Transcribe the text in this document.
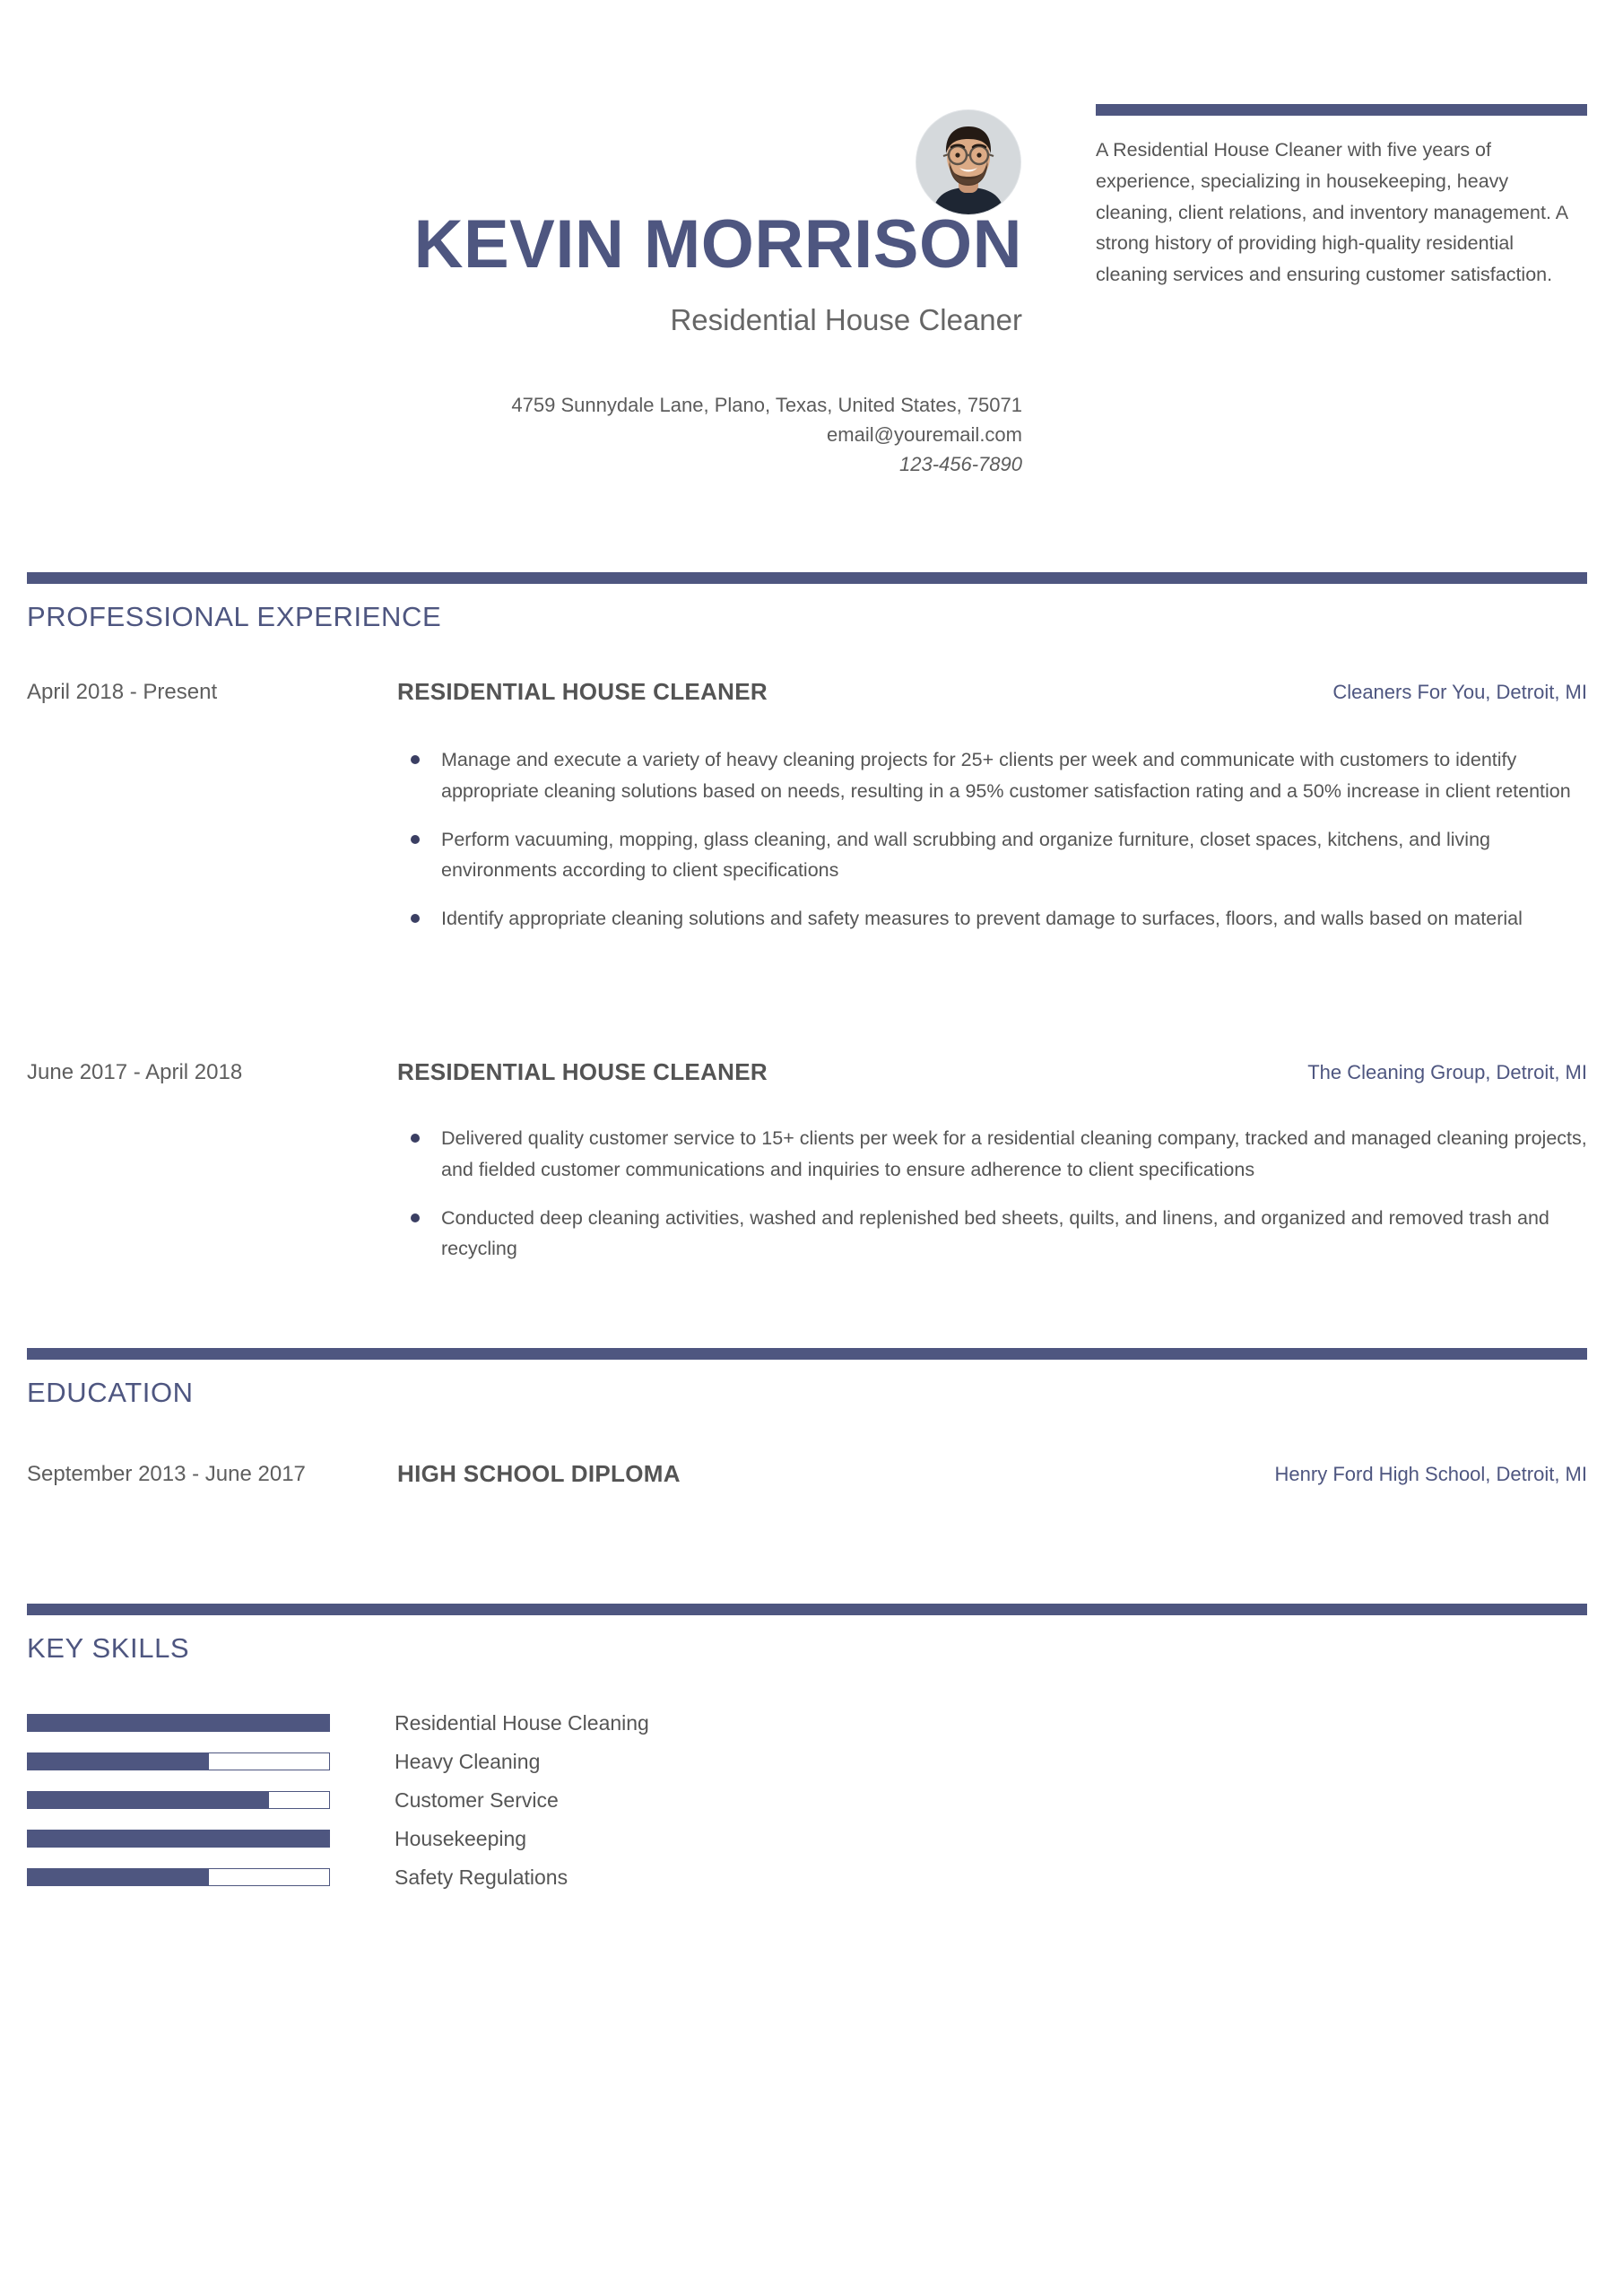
KEVIN MORRISON
Residential House Cleaner
4759 Sunnydale Lane, Plano, Texas, United States, 75071
email@youremail.com
123-456-7890
A Residential House Cleaner with five years of experience, specializing in housekeeping, heavy cleaning, client relations, and inventory management. A strong history of providing high-quality residential cleaning services and ensuring customer satisfaction.
PROFESSIONAL EXPERIENCE
April 2018 - Present	RESIDENTIAL HOUSE CLEANER	Cleaners For You, Detroit, MI
Manage and execute a variety of heavy cleaning projects for 25+ clients per week and communicate with customers to identify appropriate cleaning solutions based on needs, resulting in a 95% customer satisfaction rating and a 50% increase in client retention
Perform vacuuming, mopping, glass cleaning, and wall scrubbing and organize furniture, closet spaces, kitchens, and living environments according to client specifications
Identify appropriate cleaning solutions and safety measures to prevent damage to surfaces, floors, and walls based on material
June 2017 - April 2018	RESIDENTIAL HOUSE CLEANER	The Cleaning Group, Detroit, MI
Delivered quality customer service to 15+ clients per week for a residential cleaning company, tracked and managed cleaning projects, and fielded customer communications and inquiries to ensure adherence to client specifications
Conducted deep cleaning activities, washed and replenished bed sheets, quilts, and linens, and organized and removed trash and recycling
EDUCATION
September 2013 - June 2017	HIGH SCHOOL DIPLOMA	Henry Ford High School, Detroit, MI
KEY SKILLS
Residential House Cleaning
Heavy Cleaning
Customer Service
Housekeeping
Safety Regulations
